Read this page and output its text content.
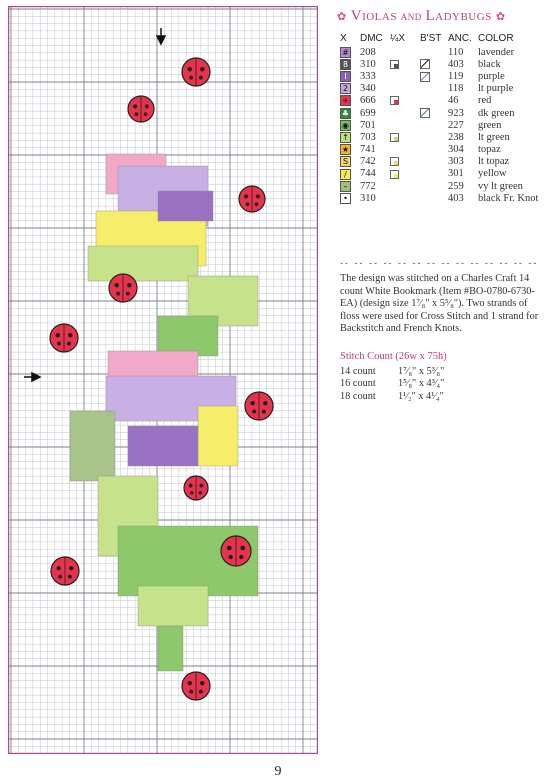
✿ VIOLAS AND LADYBUGS ✿
X	DMC	¼X	B'ST	ANC.	COLOR
#	208			110	lavender
8	310			403	black
I	333			119	purple
2	340			118	lt purple
+	666			46	red
♣	699			923	dk green
◉	701			227	green
↑	703			238	lt green
★	741			304	topaz
S	742			303	lt topaz
/	744			301	yellow
–	772			259	vy lt green
•	310			403	black Fr. Knot
-- -- -- -- -- -- -- -- -- -- -- -- -- --
The design was stitched on a Charles Craft 14 count White Bookmark (Item #BO-0780-6730-EA) (design size 1⁷⁄₈" x 5⁵⁄₈"). Two strands of floss were used for Cross Stitch and 1 strand for Backstitch and French Knots.
Stitch Count (26w x 75h)
14 count	1⁷⁄₈" x 5³⁄₈"
16 count	1⁵⁄₈" x 4³⁄₄"
18 count	1¹⁄₂" x 4¹⁄₄"
9
